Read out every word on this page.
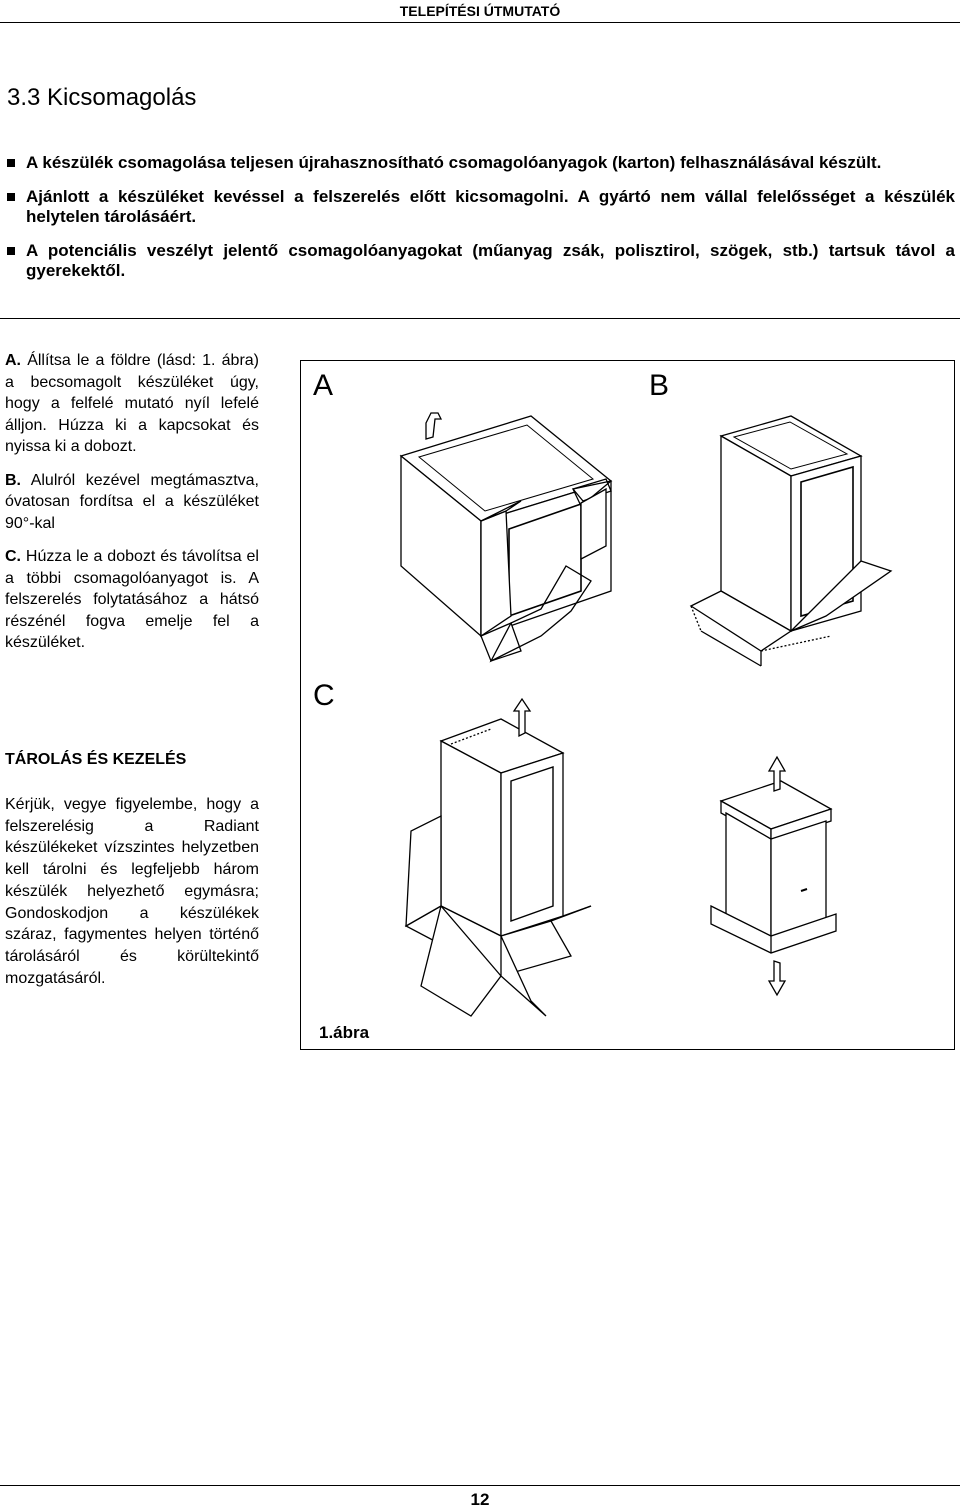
TELEPÍTÉSI ÚTMUTATÓ
3.3 Kicsomagolás
A készülék csomagolása teljesen újrahasznosítható csomagolóanyagok (karton) felhasználásával készült.
Ajánlott a készüléket kevéssel a felszerelés előtt kicsomagolni. A gyártó nem vállal felelősséget a készülék helytelen tárolásáért.
A potenciális veszélyt jelentő csomagolóanyagokat (műanyag zsák, polisztirol, szögek, stb.) tartsuk távol a gyerekektől.

A. Állítsa le a földre (lásd: 1. ábra) a becsomagolt készüléket úgy, hogy a felfelé mutató nyíl lefelé álljon. Húzza ki a kapcsokat és nyissa ki a dobozt.

B. Alulról kezével megtámasztva, óvatosan fordítsa el a készüléket 90°-kal

C. Húzza le a dobozt és távolítsa el a többi csomagolóanyagot is. A felszerelés folytatásához a hátsó részénél fogva emelje fel a készüléket.

TÁROLÁS ÉS KEZELÉS

Kérjük, vegye figyelembe, hogy a felszerelésig a Radiant készülékeket vízszintes helyzetben kell tárolni és legfeljebb három készülék helyezhető egymásra; Gondoskodjon a készülékek száraz, fagymentes helyen történő tárolásáról és körültekintő mozgatásáról.

A	B
C
1.ábra
12
